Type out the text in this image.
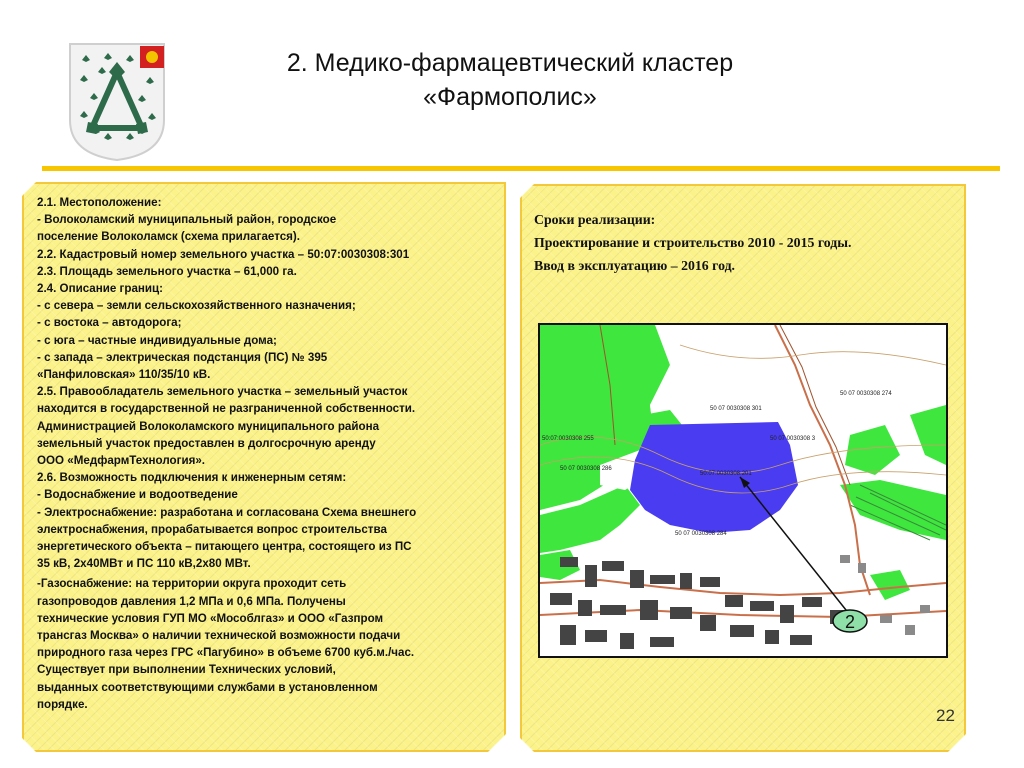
2. Медико-фармацевтический кластер
«Фармополис»
2.1. Местоположение:
- Волоколамский муниципальный район, городское
поселение Волоколамск (схема прилагается).
2.2. Кадастровый номер земельного участка – 50:07:0030308:301
2.3. Площадь земельного участка – 61,000 га.
2.4. Описание границ:
- с севера – земли сельскохозяйственного назначения;
- с востока – автодорога;
- с юга – частные индивидуальные дома;
- с запада – электрическая подстанция (ПС) № 395
«Панфиловская» 110/35/10 кВ.
2.5. Правообладатель земельного участка – земельный участок
находится в государственной не разграниченной собственности.
Администрацией Волоколамского муниципального района
земельный участок предоставлен в долгосрочную аренду
ООО «МедфармТехнология».
2.6. Возможность подключения к инженерным сетям:
- Водоснабжение и водоотведение
- Электроснабжение: разработана и согласована Схема внешнего
электроснабжения, прорабатывается вопрос строительства
энергетического объекта – питающего центра, состоящего из ПС
35 кВ, 2х40МВт и ПС 110 кВ,2х80 МВт.
-Газоснабжение: на территории округа проходит сеть
газопроводов давления 1,2 МПа и 0,6 МПа. Получены
технические условия ГУП МО «Мособлгаз» и ООО «Газпром
трансгаз Москва» о наличии технической возможности подачи
природного газа через ГРС «Пагубино» в объеме 6700 куб.м./час.
Существует при выполнении Технических условий,
выданных соответствующими службами в установленном
порядке.
Сроки реализации:
Проектирование и строительство 2010 - 2015 годы.
Ввод в эксплуатацию – 2016 год.
50 07 0030308 301
50 07 0030308 3
50 07 0030308 284
50:07:0030308 255
50 07 0030308 274
50:07:0030308:201
50 07 0030308 286
2
22
